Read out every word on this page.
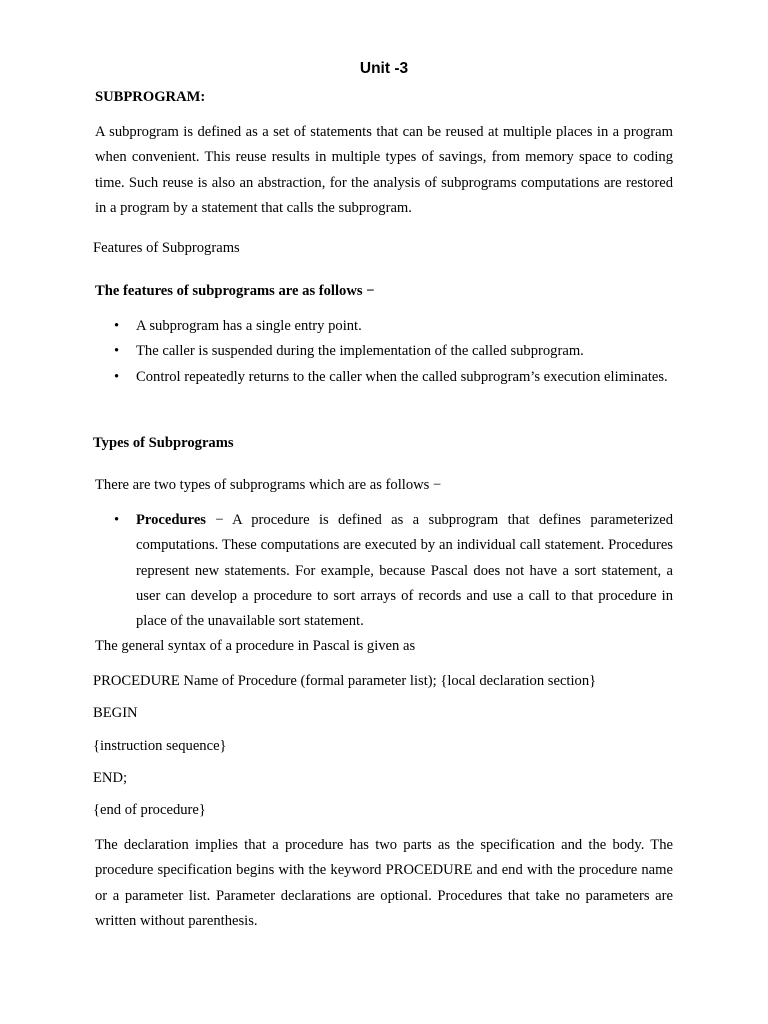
Unit -3

SUBPROGRAM:

A subprogram is defined as a set of statements that can be reused at multiple places in a program when convenient. This reuse results in multiple types of savings, from memory space to coding time. Such reuse is also an abstraction, for the analysis of subprograms computations are restored in a program by a statement that calls the subprogram.

Features of Subprograms

The features of subprograms are as follows −

• A subprogram has a single entry point.
• The caller is suspended during the implementation of the called subprogram.
• Control repeatedly returns to the caller when the called subprogram’s execution eliminates.

Types of Subprograms

There are two types of subprograms which are as follows −

• Procedures − A procedure is defined as a subprogram that defines parameterized computations. These computations are executed by an individual call statement. Procedures represent new statements. For example, because Pascal does not have a sort statement, a user can develop a procedure to sort arrays of records and use a call to that procedure in place of the unavailable sort statement.

The general syntax of a procedure in Pascal is given as

PROCEDURE Name of Procedure (formal parameter list); {local declaration section}

BEGIN

{instruction sequence}

END;

{end of procedure}

The declaration implies that a procedure has two parts as the specification and the body. The procedure specification begins with the keyword PROCEDURE and end with the procedure name or a parameter list. Parameter declarations are optional. Procedures that take no parameters are written without parenthesis.
